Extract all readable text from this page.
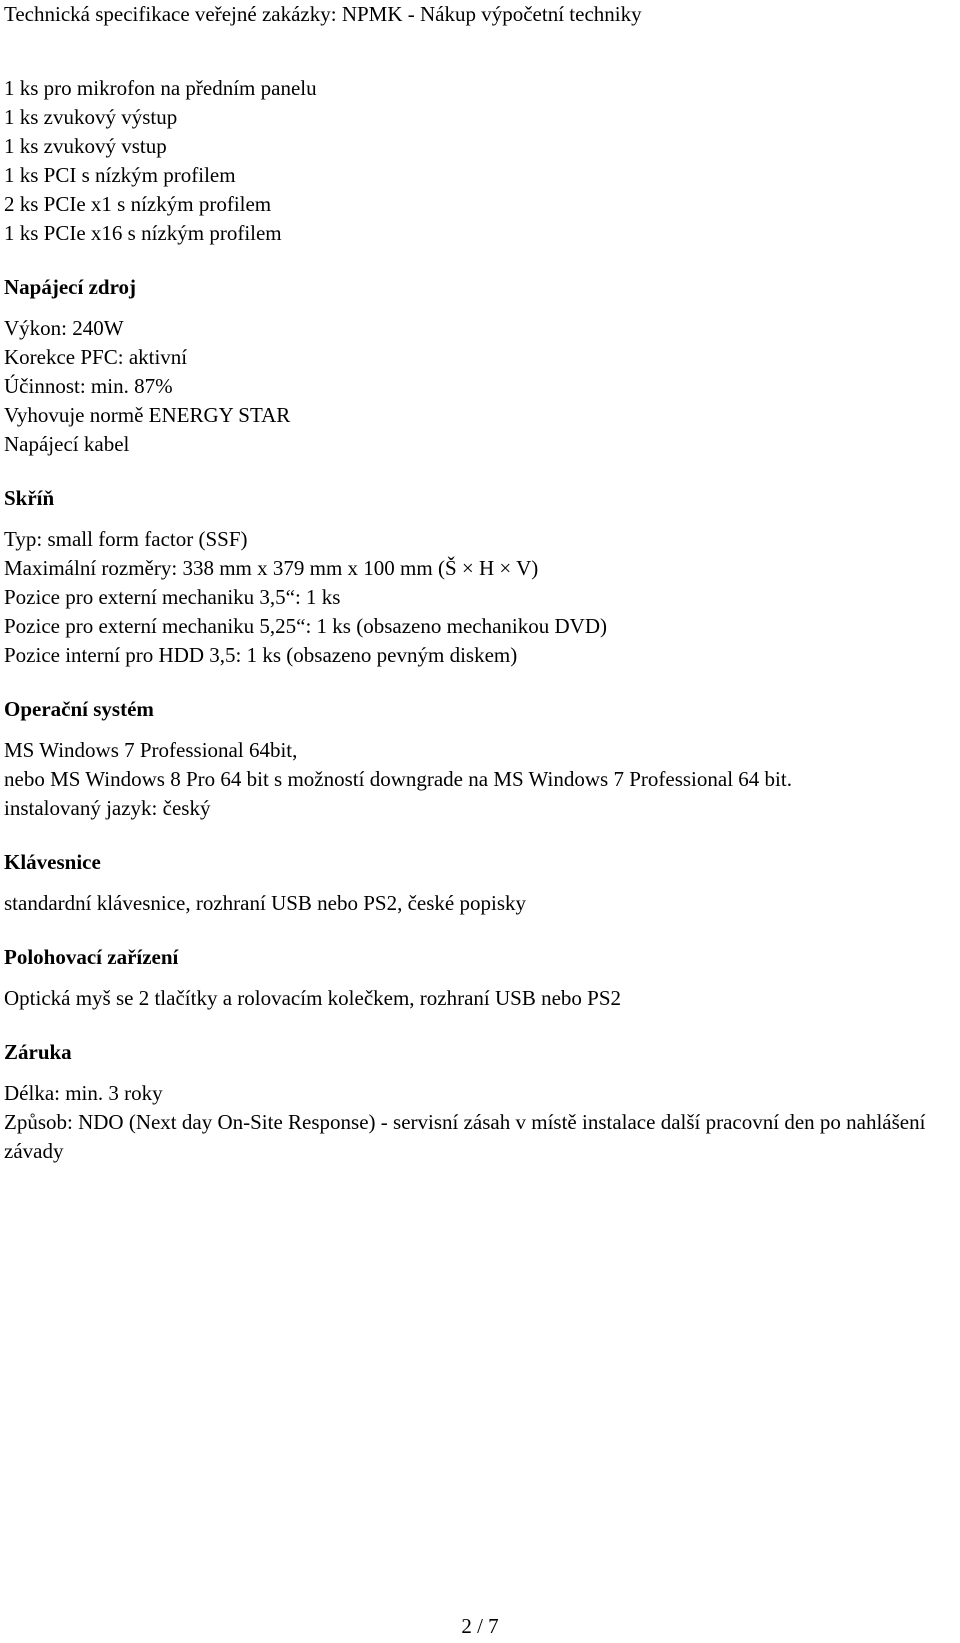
Technická specifikace veřejné zakázky: NPMK - Nákup výpočetní techniky
1 ks pro mikrofon na předním panelu
1 ks zvukový výstup
1 ks zvukový vstup
1 ks PCI s nízkým profilem
2 ks PCIe x1 s nízkým profilem
1 ks PCIe x16 s nízkým profilem
Napájecí zdroj
Výkon: 240W
Korekce PFC: aktivní
Účinnost: min. 87%
Vyhovuje normě ENERGY STAR
Napájecí kabel
Skříň
Typ: small form factor (SSF)
Maximální rozměry: 338 mm x 379 mm x 100 mm (Š × H × V)
Pozice pro externí mechaniku 3,5“: 1 ks
Pozice pro externí mechaniku 5,25“: 1 ks (obsazeno mechanikou DVD)
Pozice interní pro HDD 3,5: 1 ks (obsazeno pevným diskem)
Operační systém
MS Windows 7 Professional 64bit,
nebo MS Windows 8 Pro 64 bit s možností downgrade na MS Windows 7 Professional 64 bit.
instalovaný jazyk: český
Klávesnice
standardní klávesnice, rozhraní USB nebo PS2, české popisky
Polohovací zařízení
Optická myš se 2 tlačítky a rolovacím kolečkem, rozhraní USB nebo PS2
Záruka
Délka: min. 3 roky
Způsob: NDO (Next day On-Site Response) - servisní zásah v místě instalace další pracovní den po nahlášení závady
2 / 7
